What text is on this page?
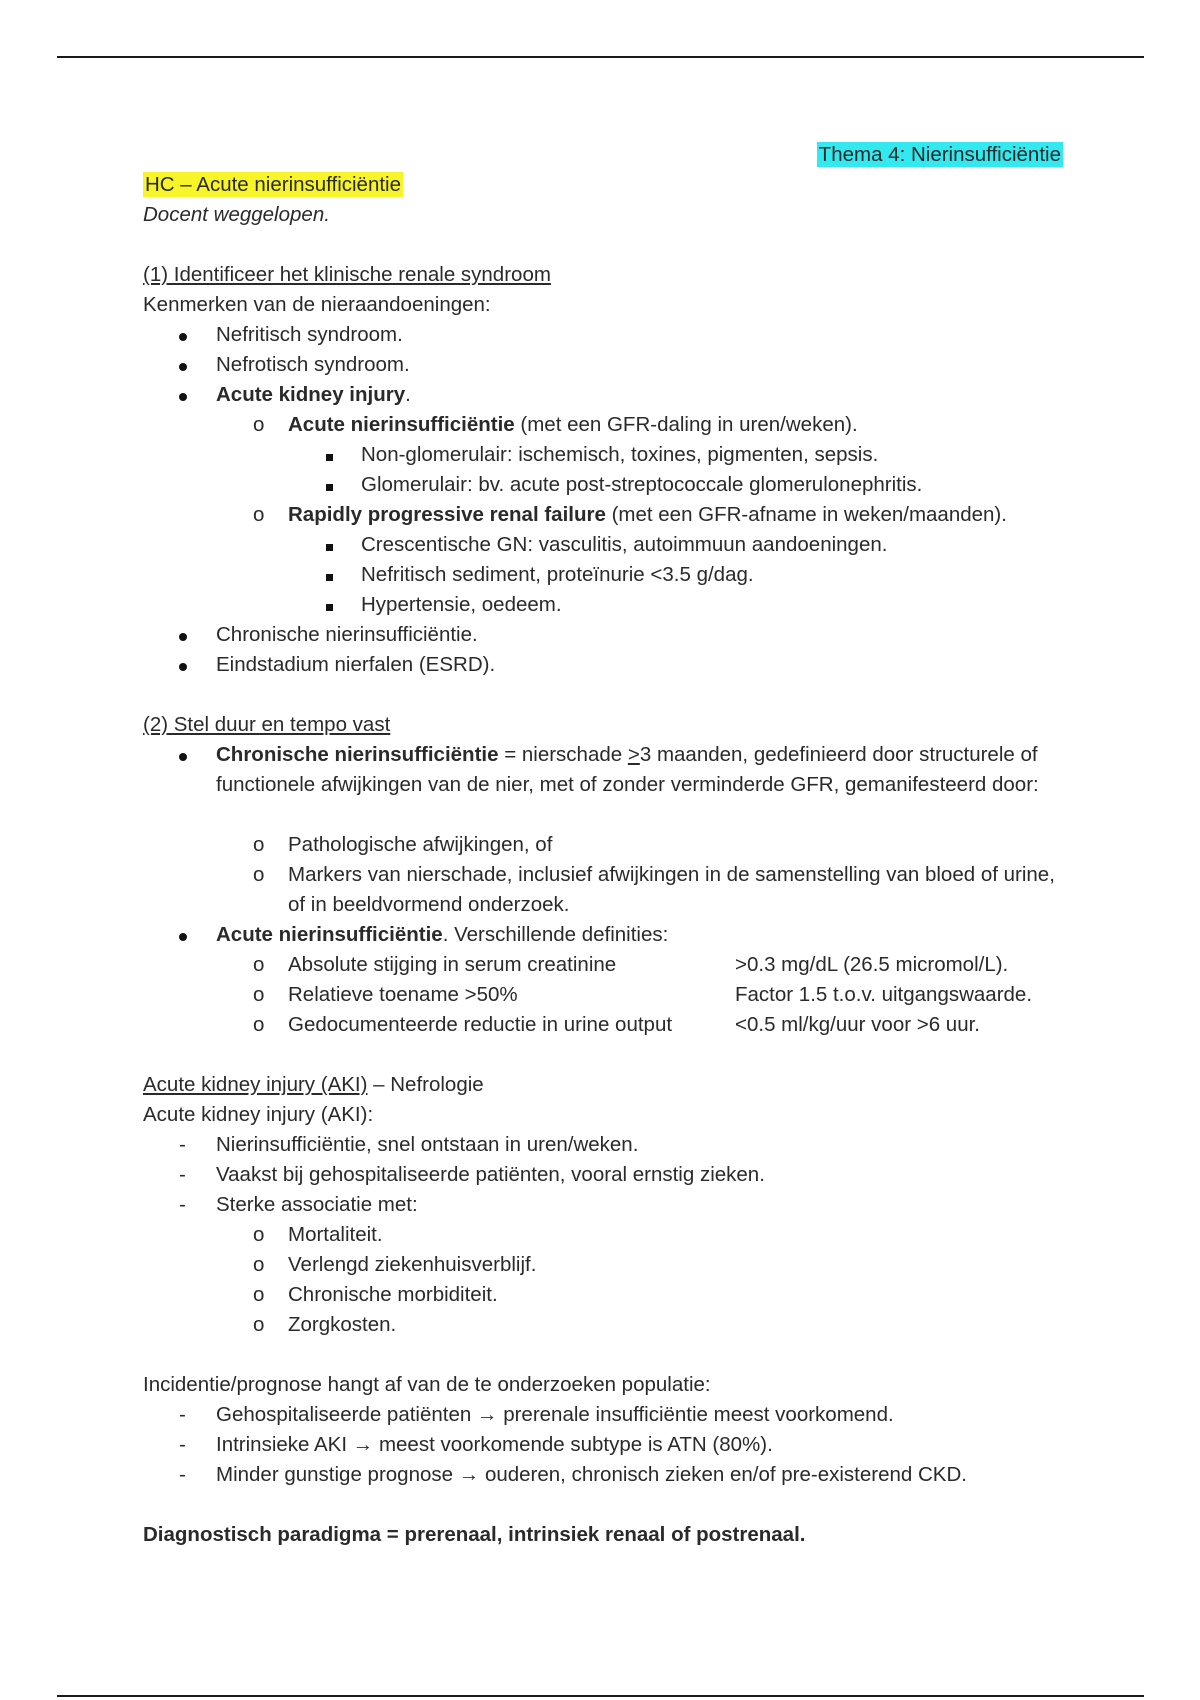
Thema 4: Nierinsufficiëntie
HC – Acute nierinsufficiëntie
Docent weggelopen.
(1) Identificeer het klinische renale syndroom
Kenmerken van de nieraandoeningen:
Nefritisch syndroom.
Nefrotisch syndroom.
Acute kidney injury.
o Acute nierinsufficiëntie (met een GFR-daling in uren/weken).
Non-glomerulair: ischemisch, toxines, pigmenten, sepsis.
Glomerulair: bv. acute post-streptococcale glomerulonephritis.
o Rapidly progressive renal failure (met een GFR-afname in weken/maanden).
Crescentische GN: vasculitis, autoimmuun aandoeningen.
Nefritisch sediment, proteïnurie <3.5 g/dag.
Hypertensie, oedeem.
Chronische nierinsufficiëntie.
Eindstadium nierfalen (ESRD).
(2) Stel duur en tempo vast
Chronische nierinsufficiëntie = nierschade >3 maanden, gedefinieerd door structurele of functionele afwijkingen van de nier, met of zonder verminderde GFR, gemanifesteerd door:
o Pathologische afwijkingen, of
o Markers van nierschade, inclusief afwijkingen in de samenstelling van bloed of urine, of in beeldvormend onderzoek.
Acute nierinsufficiëntie. Verschillende definities:
o Absolute stijging in serum creatinine	>0.3 mg/dL (26.5 micromol/L).
o Relatieve toename >50%	Factor 1.5 t.o.v. uitgangswaarde.
o Gedocumenteerde reductie in urine output	<0.5 ml/kg/uur voor >6 uur.
Acute kidney injury (AKI) – Nefrologie
Acute kidney injury (AKI):
- Nierinsufficiëntie, snel ontstaan in uren/weken.
- Vaakst bij gehospitaliseerde patiënten, vooral ernstig zieken.
- Sterke associatie met:
o Mortaliteit.
o Verlengd ziekenhuisverblijf.
o Chronische morbiditeit.
o Zorgkosten.
Incidentie/prognose hangt af van de te onderzoeken populatie:
- Gehospitaliseerde patiënten → prerenale insufficiëntie meest voorkomend.
- Intrinsieke AKI → meest voorkomende subtype is ATN (80%).
- Minder gunstige prognose → ouderen, chronisch zieken en/of pre-existerend CKD.
Diagnostisch paradigma = prerenaal, intrinsiek renaal of postrenaal.
